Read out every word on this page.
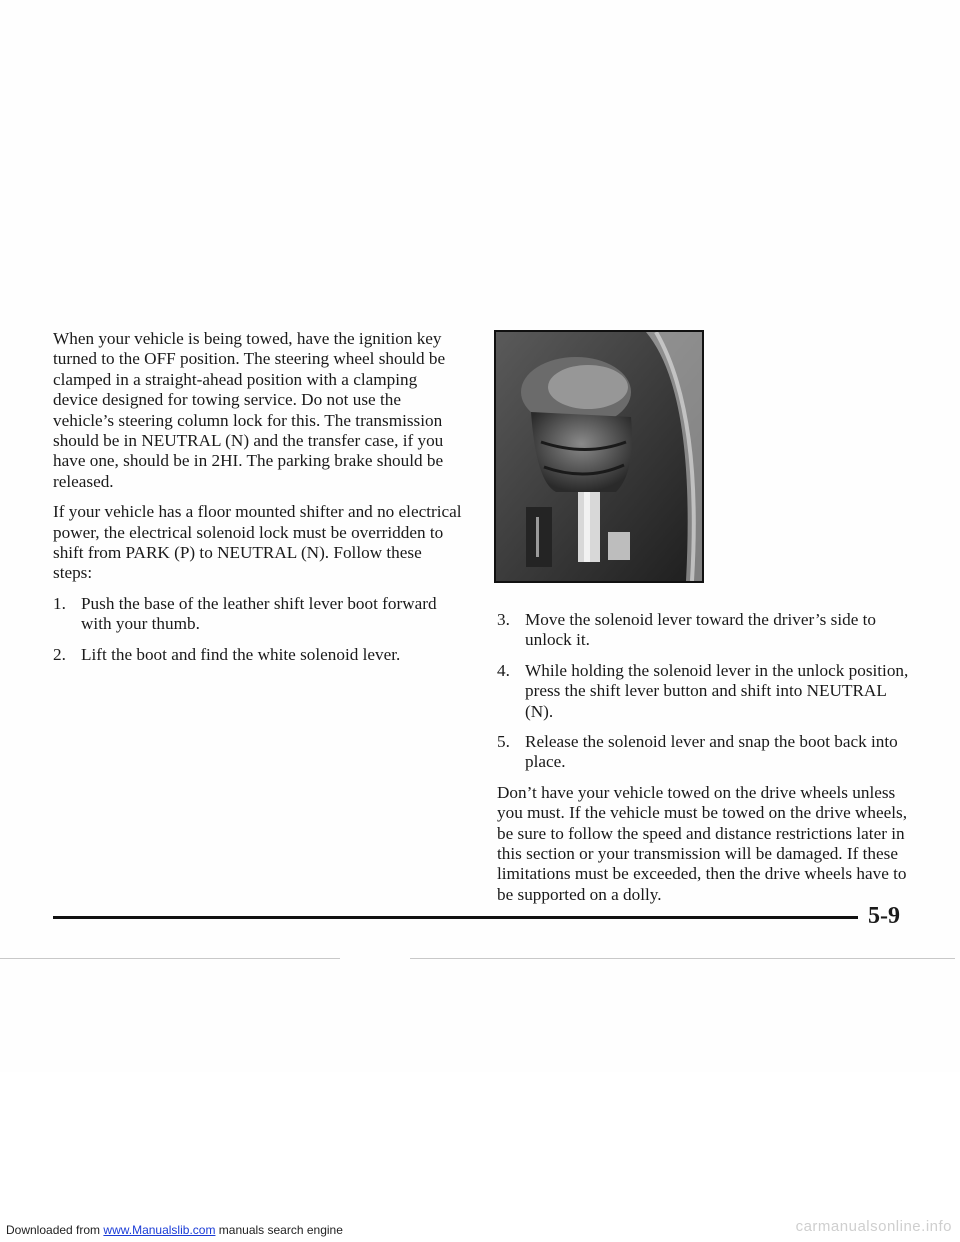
When your vehicle is being towed, have the ignition key turned to the OFF position. The steering wheel should be clamped in a straight-ahead position with a clamping device designed for towing service. Do not use the vehicle’s steering column lock for this. The transmission should be in NEUTRAL (N) and the transfer case, if you have one, should be in 2HI. The parking brake should be released.

If your vehicle has a floor mounted shifter and no electrical power, the electrical solenoid lock must be overridden to shift from PARK (P) to NEUTRAL (N). Follow these steps:

1. Push the base of the leather shift lever boot forward with your thumb.
2. Lift the boot and find the white solenoid lever.
3. Move the solenoid lever toward the driver’s side to unlock it.
4. While holding the solenoid lever in the unlock position, press the shift lever button and shift into NEUTRAL (N).
5. Release the solenoid lever and snap the boot back into place.

Don’t have your vehicle towed on the drive wheels unless you must. If the vehicle must be towed on the drive wheels, be sure to follow the speed and distance restrictions later in this section or your transmission will be damaged. If these limitations must be exceeded, then the drive wheels have to be supported on a dolly.

5-9
Downloaded from www.Manualslib.com manuals search engine	carmanualsonline.info
